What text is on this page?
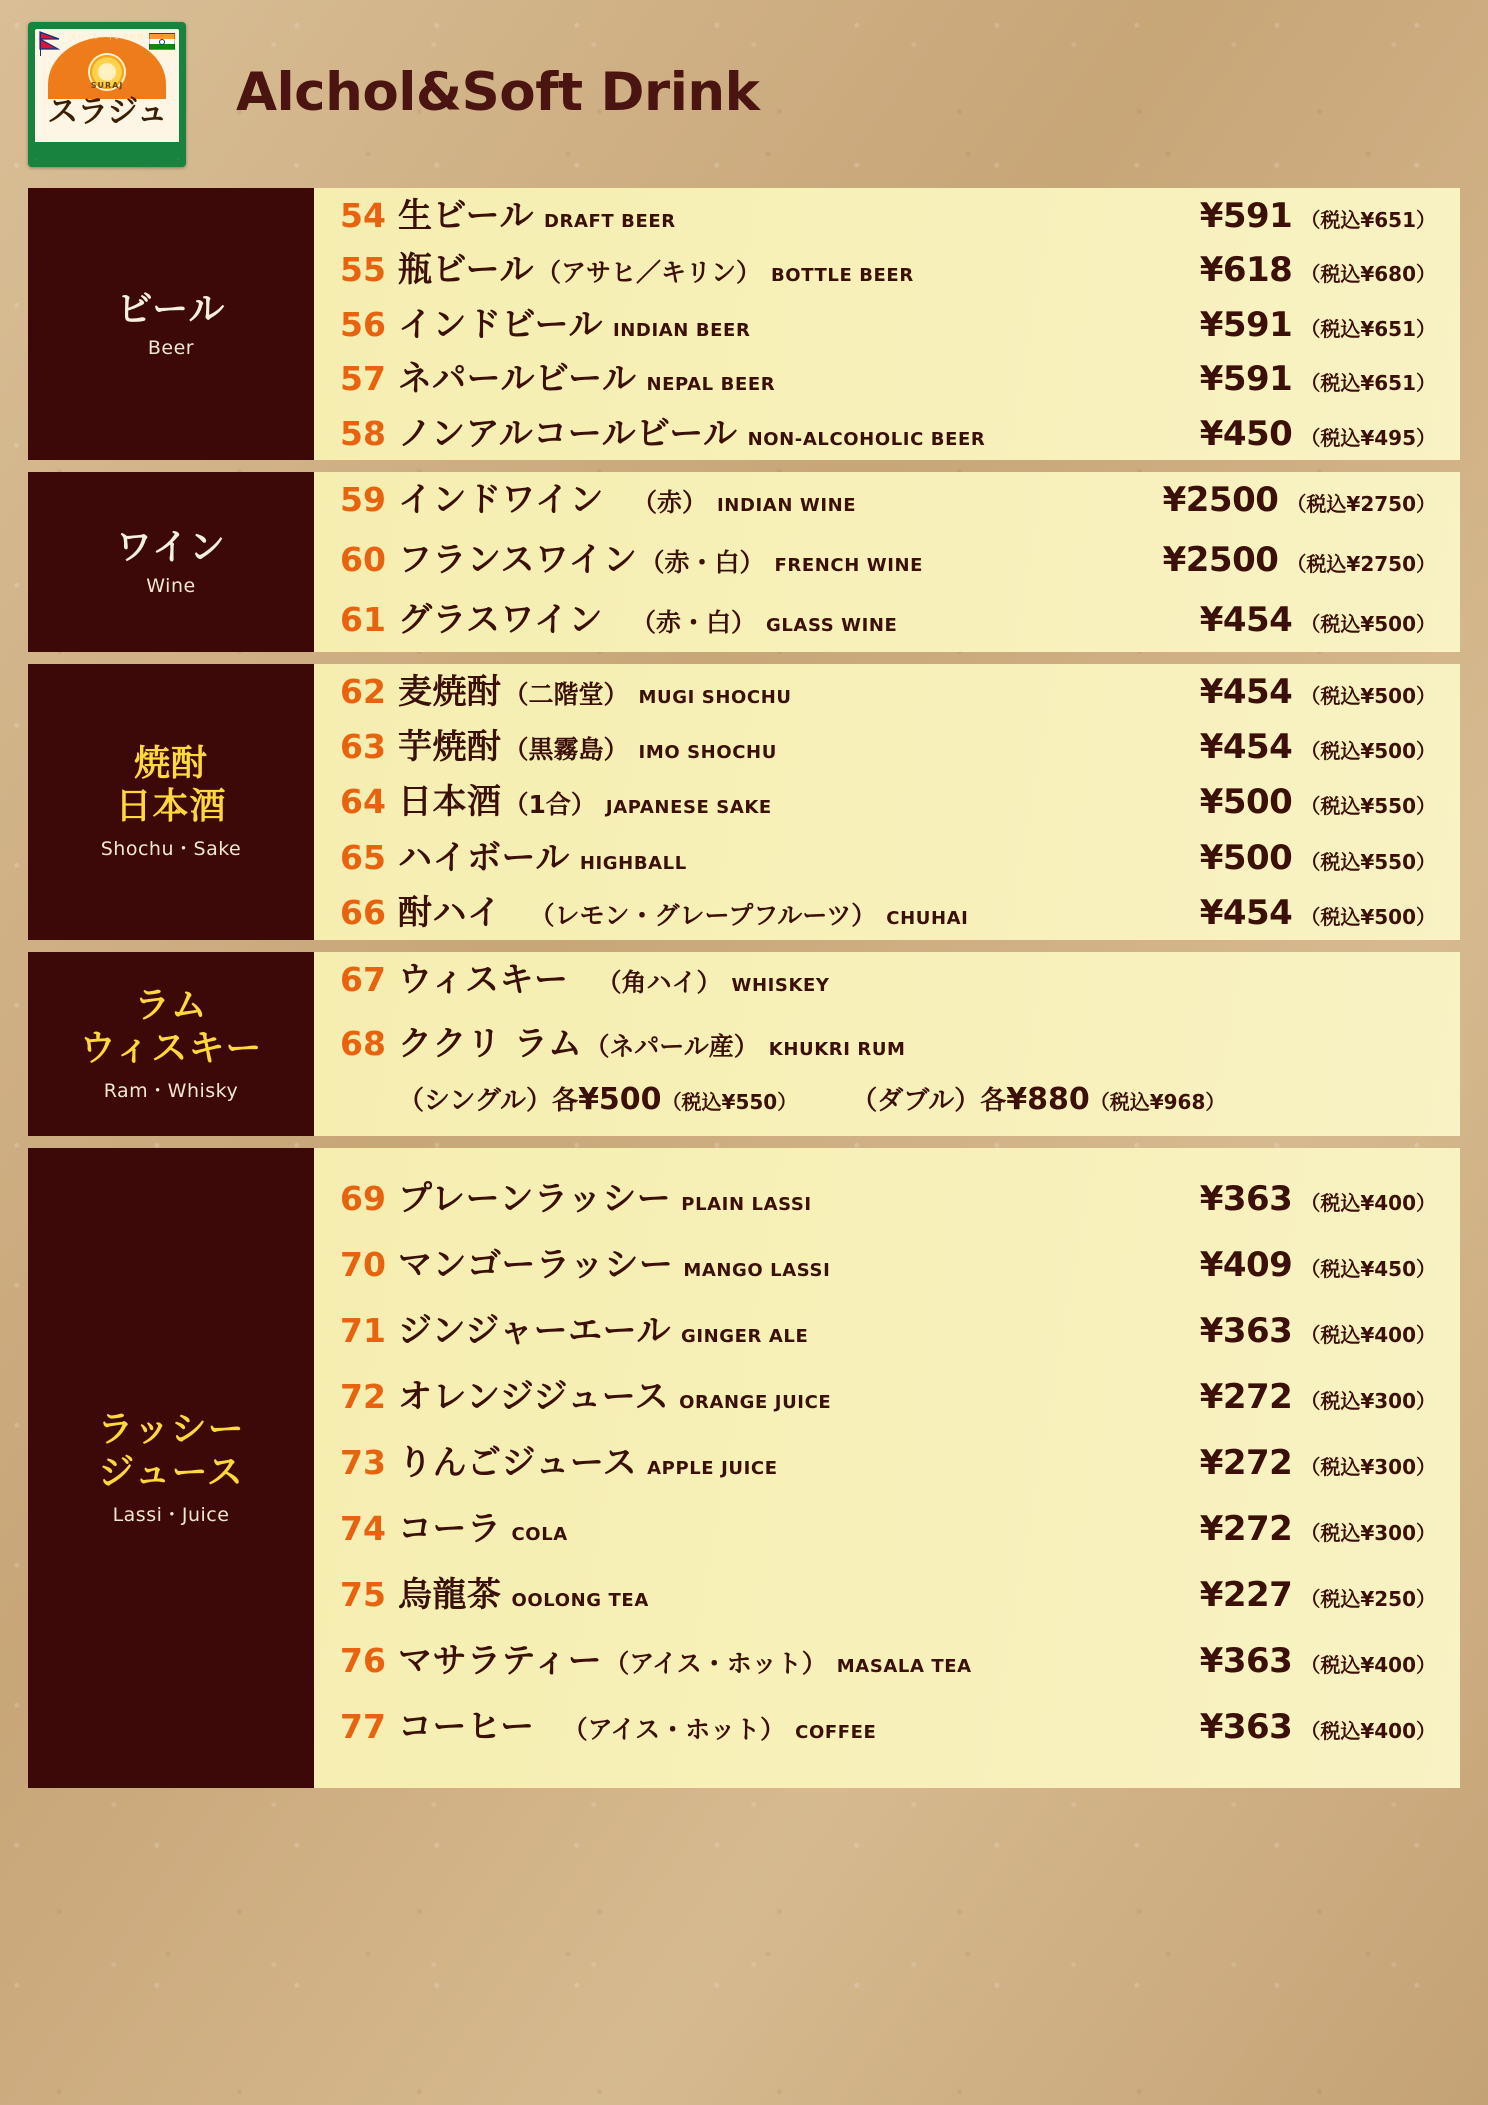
ネパール・インド料理
SURAJ
スラジュ Alchol&Soft Drink
ビール
Beer
54 生ビール DRAFT BEER	¥591 （税込¥651）
55 瓶ビール （アサヒ／キリン） BOTTLE BEER	¥618 （税込¥680）
56 インドビール INDIAN BEER	¥591 （税込¥651）
57 ネパールビール NEPAL BEER	¥591 （税込¥651）
58 ノンアルコールビール NON-ALCOHOLIC BEER	¥450 （税込¥495）
ワイン
Wine
59 インドワイン （赤） INDIAN WINE	¥2500 （税込¥2750）
60 フランスワイン （赤・白） FRENCH WINE	¥2500 （税込¥2750）
61 グラスワイン （赤・白） GLASS WINE	¥454 （税込¥500）
焼酎
日本酒
Shochu・Sake
62 麦焼酎 （二階堂） MUGI SHOCHU	¥454 （税込¥500）
63 芋焼酎 （黒霧島） IMO SHOCHU	¥454 （税込¥500）
64 日本酒 （1合） JAPANESE SAKE	¥500 （税込¥550）
65 ハイボール HIGHBALL	¥500 （税込¥550）
66 酎ハイ （レモン・グレープフルーツ） CHUHAI	¥454 （税込¥500）
ラム
ウィスキー
Ram・Whisky
67 ウィスキー （角ハイ） WHISKEY
68 ククリ ラム （ネパール産） KHUKRI RUM
（シングル）各¥500 （税込¥550） （ダブル）各¥880 （税込¥968）
ラッシー
ジュース
Lassi・Juice
69 プレーンラッシー PLAIN LASSI	¥363 （税込¥400）
70 マンゴーラッシー MANGO LASSI	¥409 （税込¥450）
71 ジンジャーエール GINGER ALE	¥363 （税込¥400）
72 オレンジジュース ORANGE JUICE	¥272 （税込¥300）
73 りんごジュース APPLE JUICE	¥272 （税込¥300）
74 コーラ COLA	¥272 （税込¥300）
75 烏龍茶 OOLONG TEA	¥227 （税込¥250）
76 マサラティー （アイス・ホット） MASALA TEA	¥363 （税込¥400）
77 コーヒー （アイス・ホット） COFFEE	¥363 （税込¥400）
